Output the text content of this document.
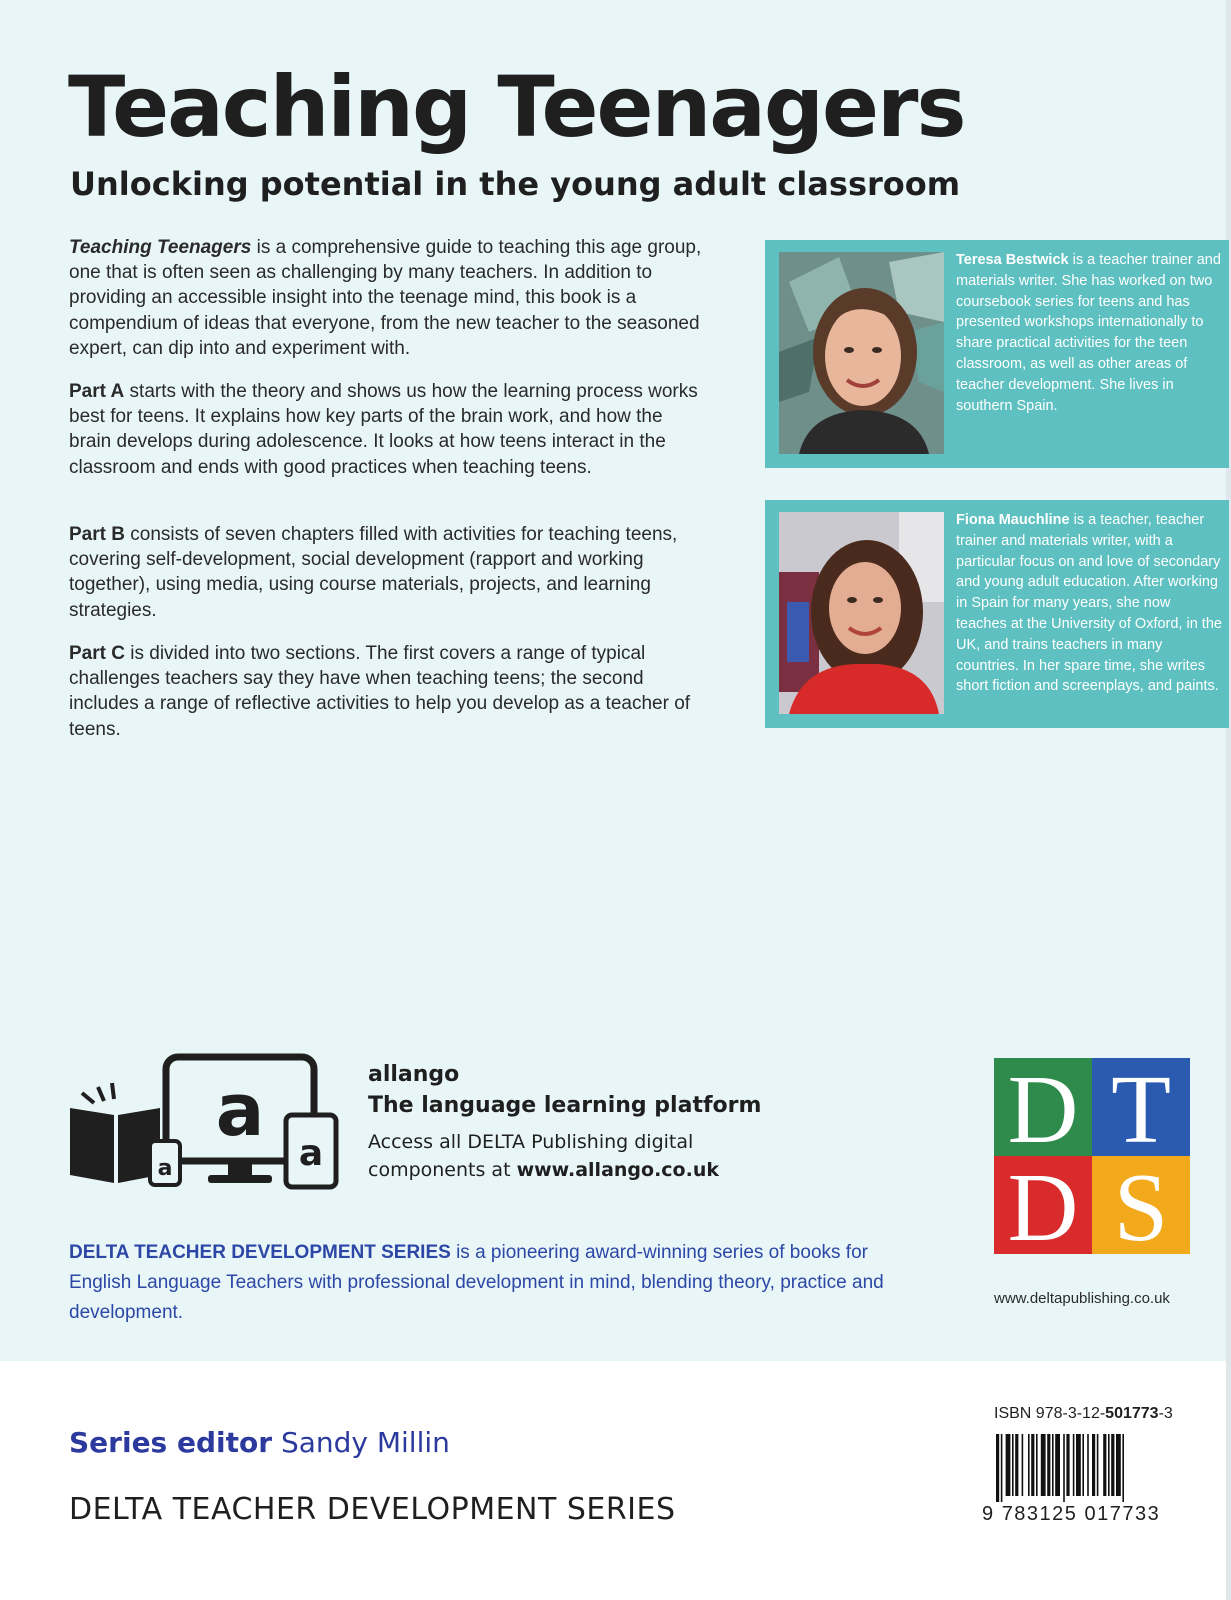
Teaching Teenagers
Unlocking potential in the young adult classroom

Teaching Teenagers is a comprehensive guide to teaching this age group, one that is often seen as challenging by many teachers. In addition to providing an accessible insight into the teenage mind, this book is a compendium of ideas that everyone, from the new teacher to the seasoned expert, can dip into and experiment with.

Part A starts with the theory and shows us how the learning process works best for teens. It explains how key parts of the brain work, and how the brain develops during adolescence. It looks at how teens interact in the classroom and ends with good practices when teaching teens.

Part B consists of seven chapters filled with activities for teaching teens, covering self-development, social development (rapport and working together), using media, using course materials, projects, and learning strategies.

Part C is divided into two sections. The first covers a range of typical challenges teachers say they have when teaching teens; the second includes a range of reflective activities to help you develop as a teacher of teens.

Teresa Bestwick is a teacher trainer and materials writer. She has worked on two coursebook series for teens and has presented workshops internationally to share practical activities for the teen classroom, as well as other areas of teacher development. She lives in southern Spain.

Fiona Mauchline is a teacher, teacher trainer and materials writer, with a particular focus on and love of secondary and young adult education. After working in Spain for many years, she now teaches at the University of Oxford, in the UK, and trains teachers in many countries. In her spare time, she writes short fiction and screenplays, and paints.

a
a	a
allango
The language learning platform
Access all DELTA Publishing digital components at www.allango.co.uk
D T
D S
www.deltapublishing.co.uk

DELTA TEACHER DEVELOPMENT SERIES is a pioneering award-winning series of books for English Language Teachers with professional development in mind, blending theory, practice and development.

Series editor Sandy Millin
DELTA TEACHER DEVELOPMENT SERIES
ISBN 978-3-12-501773-3
9 783125 017733
